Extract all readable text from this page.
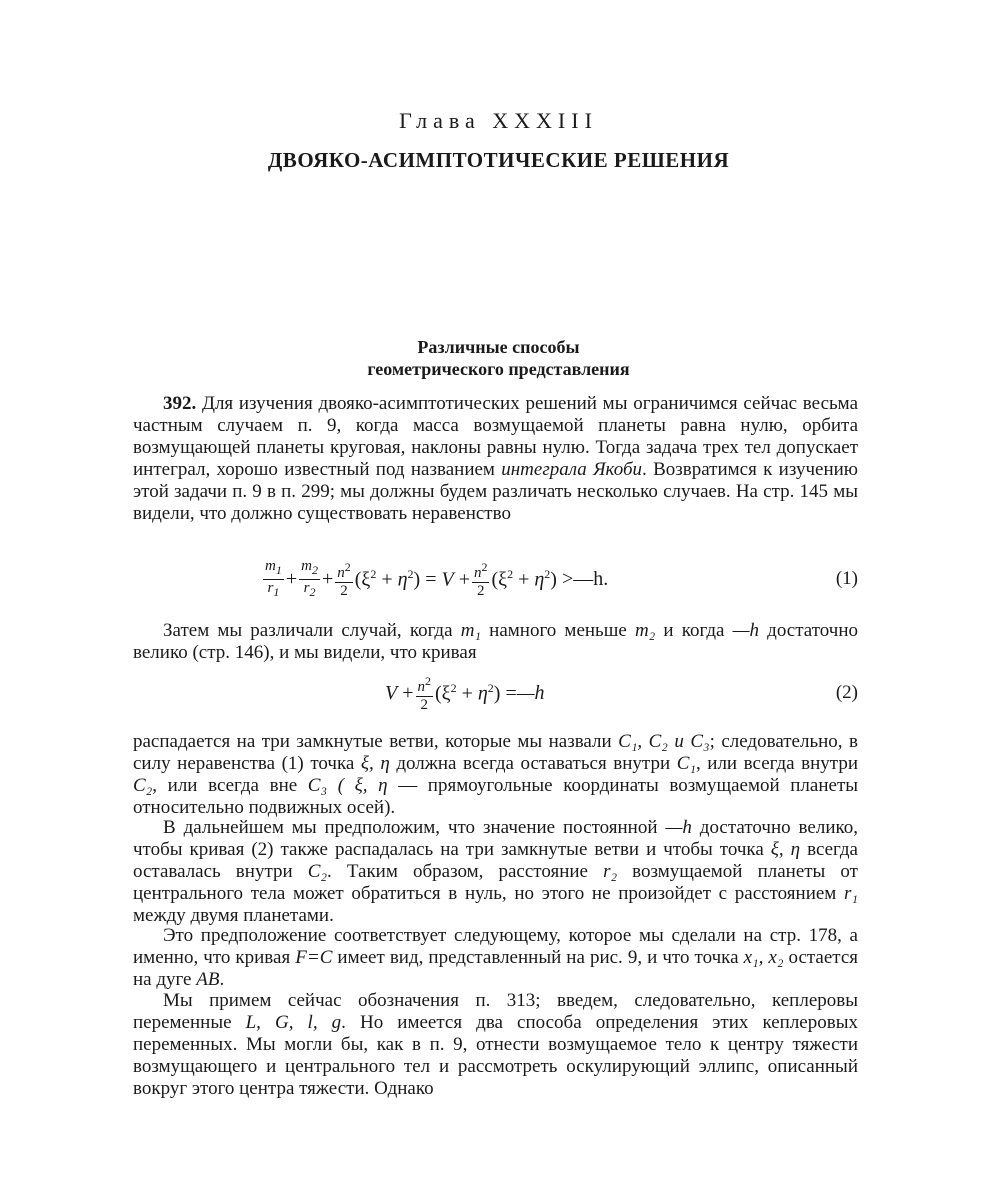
Глава XXXIII
ДВОЯКО-АСИМПТОТИЧЕСКИЕ РЕШЕНИЯ
Различные способы
геометрического представления

392. Для изучения двояко-асимптотических решений мы ограничимся сейчас весьма частным случаем п. 9, когда масса возмущаемой планеты равна нулю, орбита возмущающей планеты круговая, наклоны равны нулю. Тогда задача трех тел допускает интеграл, хорошо известный под названием интеграла Якоби. Возвратимся к изучению этой задачи п. 9 в п. 299; мы должны будем различать несколько случаев. На стр. 145 мы видели, что должно существовать неравенство

$\frac{m_1}{r_1} + \frac{m_2}{r_2} + \frac{n^2}{2} (\xi^2 + \eta^2) = V + \frac{n^2}{2} (\xi^2 + \eta^2)$ >—h.	(1)

Затем мы различали случай, когда m₁ намного меньше m₂ и когда —h достаточно велико (стр. 146), и мы видели, что кривая

$V + \frac{n^2}{2} (\xi^2 + \eta^2)$ = —h	(2)

распадается на три замкнутые ветви, которые мы назвали C₁, C₂ и C₃; следовательно, в силу неравенства (1) точка ξ, η должна всегда оставаться внутри C₁, или всегда внутри C₂, или всегда вне C₃ ( ξ, η — прямоугольные координаты возмущаемой планеты относительно подвижных осей).

В дальнейшем мы предположим, что значение постоянной —h достаточно велико, чтобы кривая (2) также распадалась на три замкнутые ветви и чтобы точка ξ, η всегда оставалась внутри C₂. Таким образом, расстояние r₂ возмущаемой планеты от центрального тела может обратиться в нуль, но этого не произойдет с расстоянием r₁ между двумя планетами.

Это предположение соответствует следующему, которое мы сделали на стр. 178, а именно, что кривая F=C имеет вид, представленный на рис. 9, и что точка x₁, x₂ остается на дуге AB.

Мы примем сейчас обозначения п. 313; введем, следовательно, кеплеровы переменные L, G, l, g. Но имеется два способа определения этих кеплеровых переменных. Мы могли бы, как в п. 9, отнести возмущаемое тело к центру тяжести возмущающего и центрального тел и рассмотреть оскулирующий эллипс, описанный вокруг этого центра тяжести. Однако
